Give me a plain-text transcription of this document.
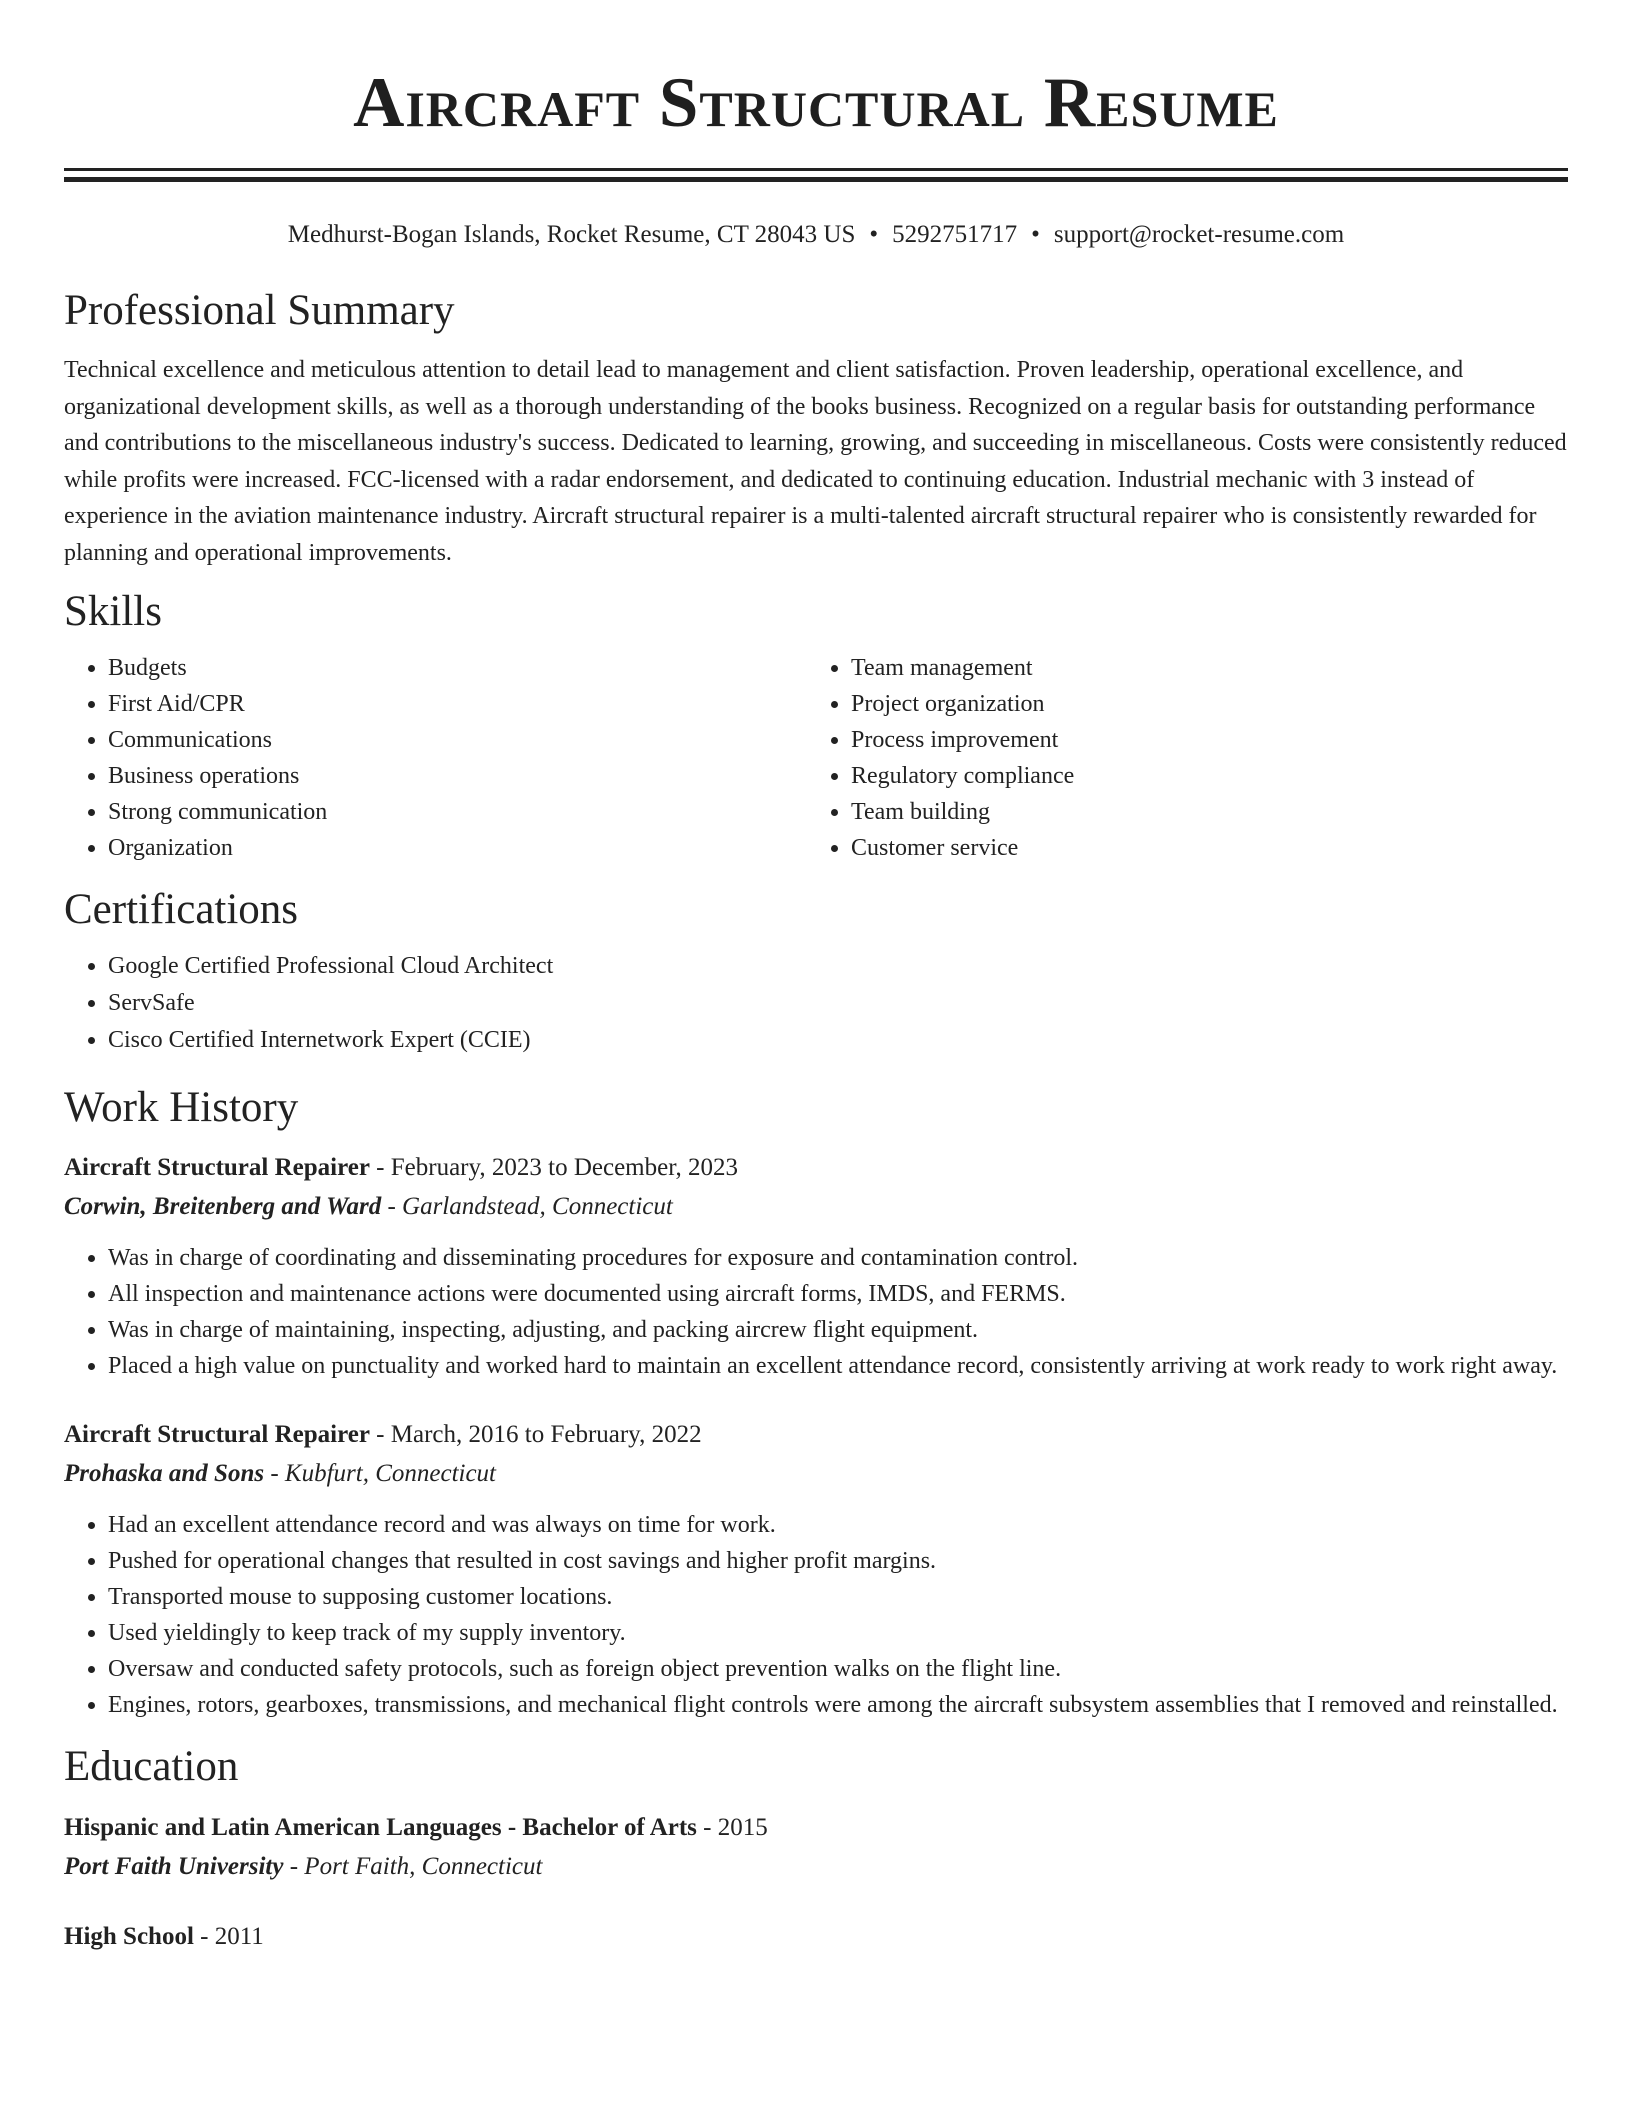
Aircraft Structural Resume
Medhurst-Bogan Islands, Rocket Resume, CT 28043 US • 5292751717 • support@rocket-resume.com
Professional Summary

Technical excellence and meticulous attention to detail lead to management and client satisfaction. Proven leadership, operational excellence, and organizational development skills, as well as a thorough understanding of the books business. Recognized on a regular basis for outstanding performance and contributions to the miscellaneous industry's success. Dedicated to learning, growing, and succeeding in miscellaneous. Costs were consistently reduced while profits were increased. FCC-licensed with a radar endorsement, and dedicated to continuing education. Industrial mechanic with 3 instead of experience in the aviation maintenance industry. Aircraft structural repairer is a multi-talented aircraft structural repairer who is consistently rewarded for planning and operational improvements.

Skills
• Budgets
• First Aid/CPR
• Communications
• Business operations
• Strong communication
• Organization
• Team management
• Project organization
• Process improvement
• Regulatory compliance
• Team building
• Customer service
Certifications
• Google Certified Professional Cloud Architect
• ServSafe
• Cisco Certified Internetwork Expert (CCIE)
Work History
Aircraft Structural Repairer - February, 2023 to December, 2023
Corwin, Breitenberg and Ward - Garlandstead, Connecticut
• Was in charge of coordinating and disseminating procedures for exposure and contamination control.
• All inspection and maintenance actions were documented using aircraft forms, IMDS, and FERMS.
• Was in charge of maintaining, inspecting, adjusting, and packing aircrew flight equipment.
• Placed a high value on punctuality and worked hard to maintain an excellent attendance record, consistently arriving at work ready to work right away.
Aircraft Structural Repairer - March, 2016 to February, 2022
Prohaska and Sons - Kubfurt, Connecticut
• Had an excellent attendance record and was always on time for work.
• Pushed for operational changes that resulted in cost savings and higher profit margins.
• Transported mouse to supposing customer locations.
• Used yieldingly to keep track of my supply inventory.
• Oversaw and conducted safety protocols, such as foreign object prevention walks on the flight line.
• Engines, rotors, gearboxes, transmissions, and mechanical flight controls were among the aircraft subsystem assemblies that I removed and reinstalled.
Education
Hispanic and Latin American Languages - Bachelor of Arts - 2015
Port Faith University - Port Faith, Connecticut
High School - 2011
